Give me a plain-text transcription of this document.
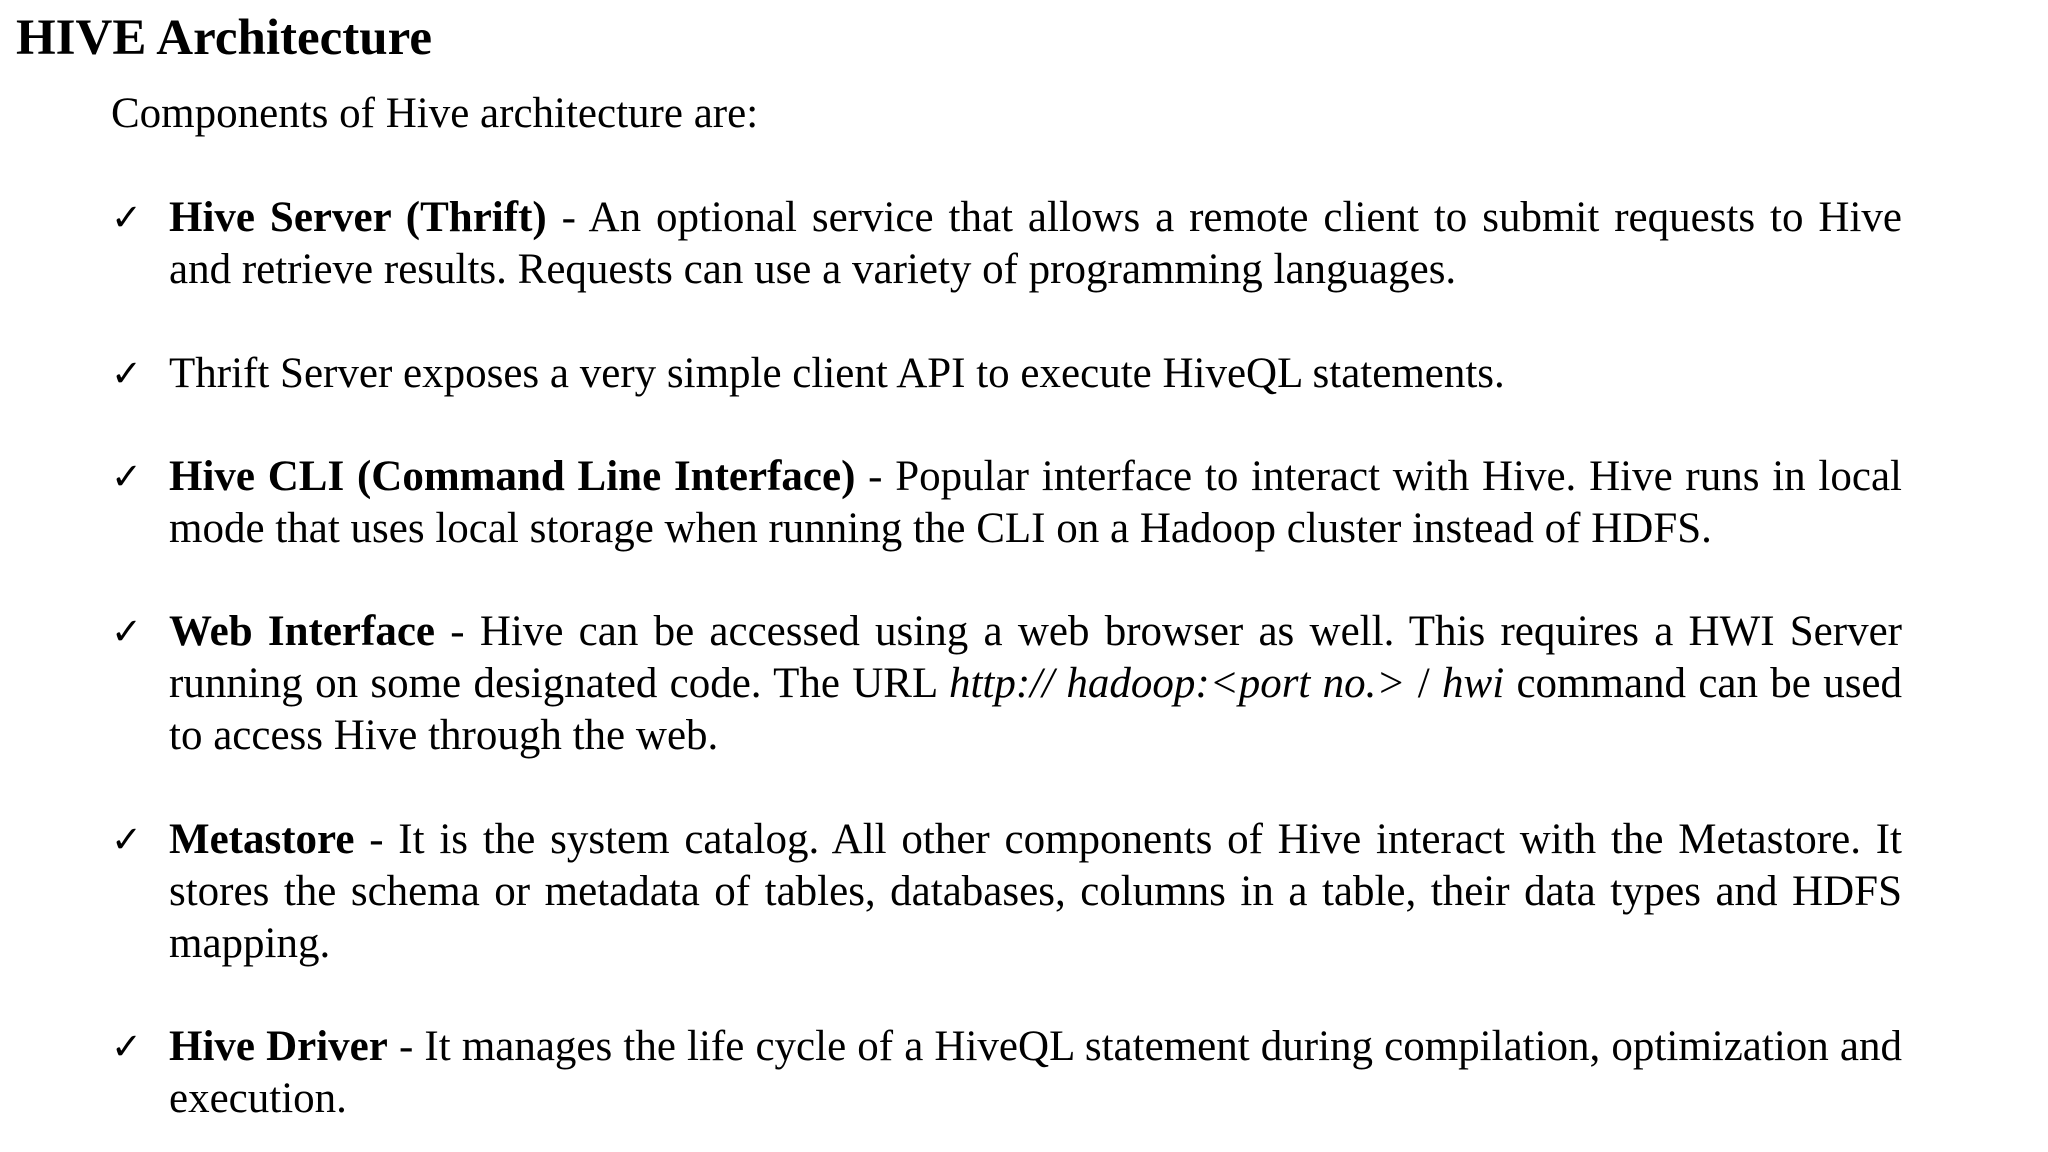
HIVE Architecture
Components of Hive architecture are:
✓ Hive Server (Thrift) - An optional service that allows a remote client to submit requests to Hive and retrieve results. Requests can use a variety of programming languages.
✓ Thrift Server exposes a very simple client API to execute HiveQL statements.
✓ Hive CLI (Command Line Interface) - Popular interface to interact with Hive. Hive runs in local mode that uses local storage when running the CLI on a Hadoop cluster instead of HDFS.
✓ Web Interface - Hive can be accessed using a web browser as well. This requires a HWI Server running on some designated code. The URL http:// hadoop:<port no.> / hwi command can be used to access Hive through the web.
✓ Metastore - It is the system catalog. All other components of Hive interact with the Metastore. It stores the schema or metadata of tables, databases, columns in a table, their data types and HDFS mapping.
✓ Hive Driver - It manages the life cycle of a HiveQL statement during compilation, optimization and execution.
